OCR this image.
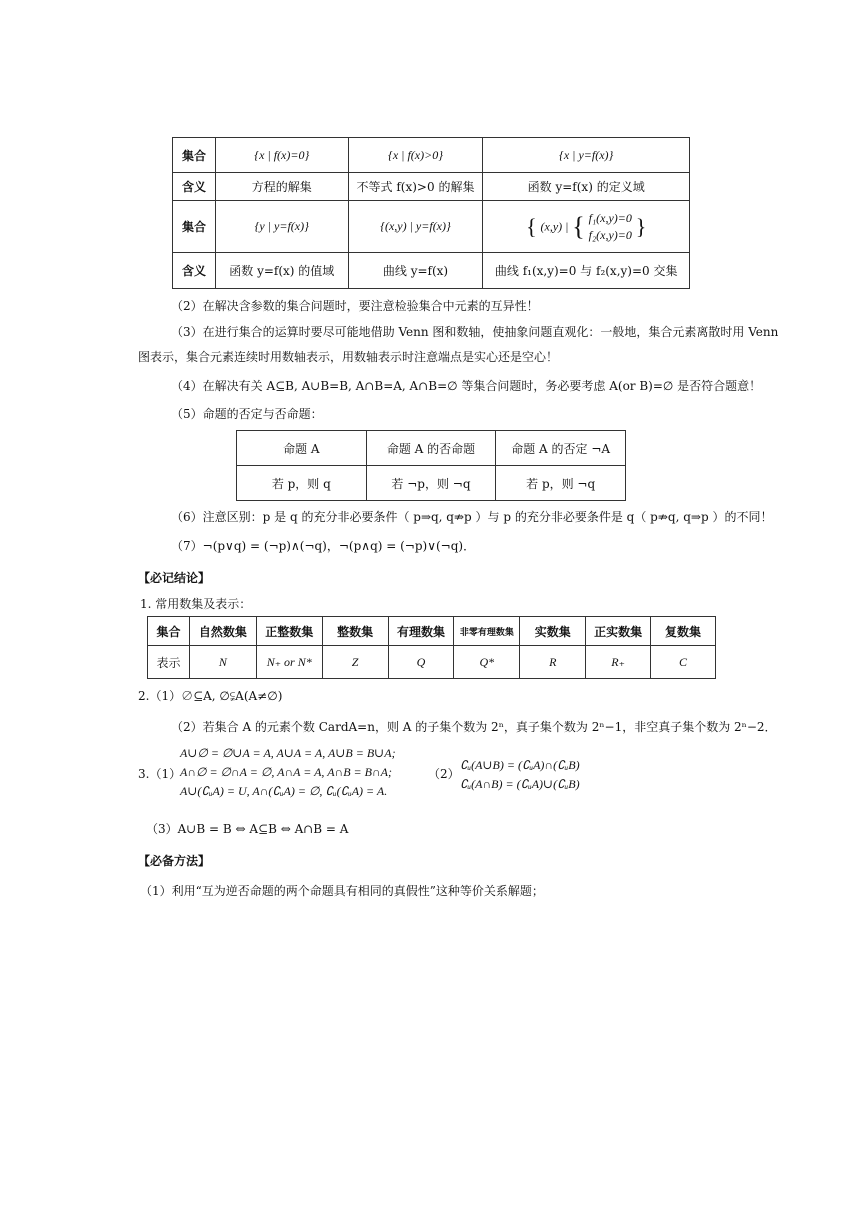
集合	{x | f(x)=0}	{x | f(x)>0}	{x | y=f(x)}
含义	方程的解集	不等式 f(x)>0 的解集	函数 y=f(x) 的定义域
集合	{y | y=f(x)}	{(x,y) | y=f(x)}	{ (x,y) | { f₁(x,y)=0
f₂(x,y)=0 }
含义	函数 y=f(x) 的值域	曲线 y=f(x)	曲线 f₁(x,y)=0 与 f₂(x,y)=0 交集
（2）在解决含参数的集合问题时，要注意检验集合中元素的互异性！
（3）在进行集合的运算时要尽可能地借助 Venn 图和数轴，使抽象问题直观化：一般地，集合元素离散时用 Venn
图表示，集合元素连续时用数轴表示，用数轴表示时注意端点是实心还是空心！
（4）在解决有关 A⊆B, A∪B=B, A∩B=A, A∩B=∅ 等集合问题时，务必要考虑 A(or B)=∅ 是否符合题意！
（5）命题的否定与否命题：
命题 A	命题 A 的否命题	命题 A 的否定 ¬A
若 p，则 q	若 ¬p，则 ¬q	若 p，则 ¬q
（6）注意区别：p 是 q 的充分非必要条件（ p⇒q, q⇏p ）与 p 的充分非必要条件是 q（ p⇏q, q⇒p ）的不同！
（7）¬(p∨q) = (¬p)∧(¬q)，¬(p∧q) = (¬p)∨(¬q)．
【必记结论】
1. 常用数集及表示：
集合	自然数集	正整数集	整数集	有理数集	非零有理数集	实数集	正实数集	复数集
表示	N	N₊ or N*	Z	Q	Q*	R	R₊	C
2.（1）∅⊆A, ∅⫋A(A≠∅)
（2）若集合 A 的元素个数 CardA=n，则 A 的子集个数为 2ⁿ，真子集个数为 2ⁿ−1，非空真子集个数为 2ⁿ−2．
3.（1）
A∪∅ = ∅∪A = A, A∪A = A, A∪B = B∪A;
A∩∅ = ∅∩A = ∅, A∩A = A, A∩B = B∩A;
A∪(∁ᵤA) = U, A∩(∁ᵤA) = ∅, ∁ᵤ(∁ᵤA) = A.
（2）
∁ᵤ(A∪B) = (∁ᵤA)∩(∁ᵤB)
∁ᵤ(A∩B) = (∁ᵤA)∪(∁ᵤB)
（3）A∪B = B ⇔ A⊆B ⇔ A∩B = A
【必备方法】
（1）利用“互为逆否命题的两个命题具有相同的真假性”这种等价关系解题；
